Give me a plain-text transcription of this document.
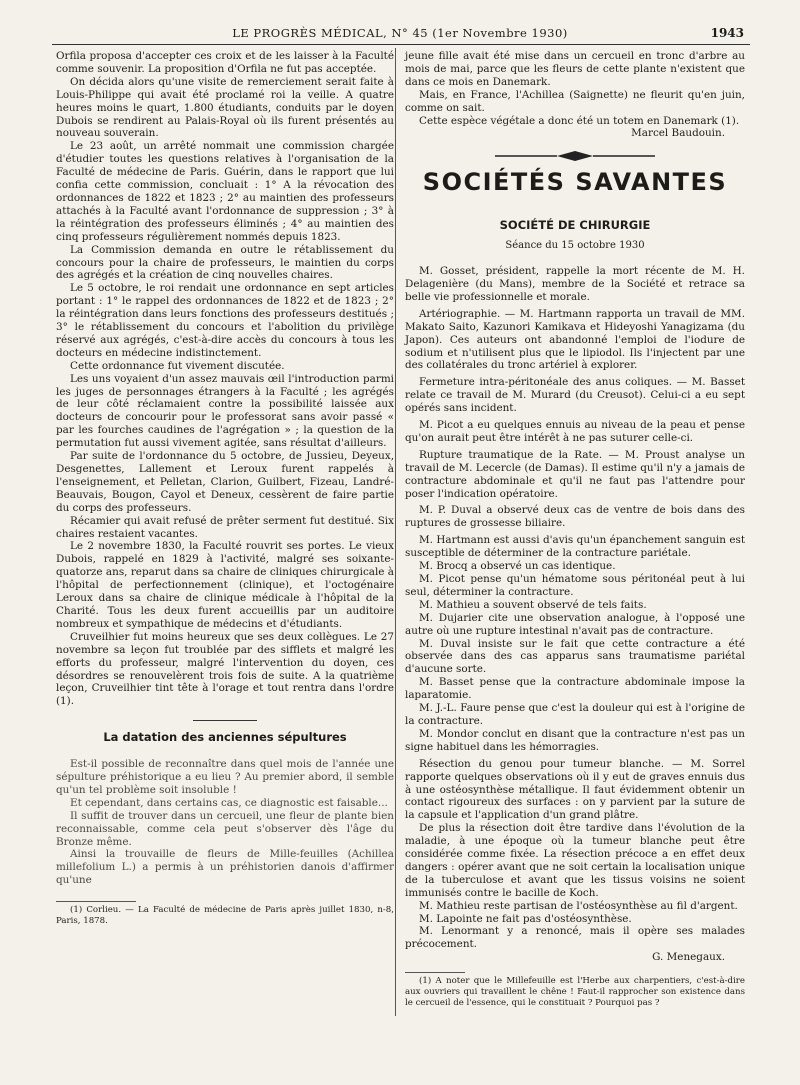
LE PROGRÈS MÉDICAL, N° 45 (1er Novembre 1930)	1943

Orfila proposa d'accepter ces croix et de les laisser à la Faculté comme souvenir. La proposition d'Orfila ne fut pas acceptée.

On décida alors qu'une visite de remerciement serait faite à Louis-Philippe qui avait été proclamé roi la veille. A quatre heures moins le quart, 1.800 étudiants, conduits par le doyen Dubois se rendirent au Palais-Royal où ils furent présentés au nouveau souverain.

Le 23 août, un arrêté nommait une commission chargée d'étudier toutes les questions relatives à l'organisation de la Faculté de médecine de Paris. Guérin, dans le rapport que lui confia cette commission, concluait : 1° A la révocation des ordonnances de 1822 et 1823 ; 2° au maintien des professeurs attachés à la Faculté avant l'ordonnance de suppression ; 3° à la réintégration des professeurs éliminés ; 4° au maintien des cinq professeurs régulièrement nommés depuis 1823.

La Commission demanda en outre le rétablissement du concours pour la chaire de professeurs, le maintien du corps des agrégés et la création de cinq nouvelles chaires.

Le 5 octobre, le roi rendait une ordonnance en sept articles portant : 1° le rappel des ordonnances de 1822 et de 1823 ; 2° la réintégration dans leurs fonctions des professeurs destitués ; 3° le rétablissement du concours et l'abolition du privilège réservé aux agrégés, c'est-à-dire accès du concours à tous les docteurs en médecine indistinctement.

Cette ordonnance fut vivement discutée.

Les uns voyaient d'un assez mauvais œil l'introduction parmi les juges de personnages étrangers à la Faculté ; les agrégés de leur côté réclamaient contre la possibilité laissée aux docteurs de concourir pour le professorat sans avoir passé « par les fourches caudines de l'agrégation » ; la question de la permutation fut aussi vivement agitée, sans résultat d'ailleurs.

Par suite de l'ordonnance du 5 octobre, de Jussieu, Deyeux, Desgenettes, Lallement et Leroux furent rappelés à l'enseignement, et Pelletan, Clarion, Guilbert, Fizeau, Landré-Beauvais, Bougon, Cayol et Deneux, cessèrent de faire partie du corps des professeurs.

Récamier qui avait refusé de prêter serment fut destitué. Six chaires restaient vacantes.

Le 2 novembre 1830, la Faculté rouvrit ses portes. Le vieux Dubois, rappelé en 1829 à l'activité, malgré ses soixante-quatorze ans, reparut dans sa chaire de cliniques chirurgicale à l'hôpital de perfectionnement (clinique), et l'octogénaire Leroux dans sa chaire de clinique médicale à l'hôpital de la Charité. Tous les deux furent accueillis par un auditoire nombreux et sympathique de médecins et d'étudiants.

Cruveilhier fut moins heureux que ses deux collègues. Le 27 novembre sa leçon fut troublée par des sifflets et malgré les efforts du professeur, malgré l'intervention du doyen, ces désordres se renouvelèrent trois fois de suite. A la quatrième leçon, Cruveilhier tint tête à l'orage et tout rentra dans l'ordre (1).

La datation des anciennes sépultures

Est-il possible de reconnaître dans quel mois de l'année une sépulture préhistorique a eu lieu ? Au premier abord, il semble qu'un tel problème soit insoluble !

Et cependant, dans certains cas, ce diagnostic est faisable...

Il suffit de trouver dans un cercueil, une fleur de plante bien reconnaissable, comme cela peut s'observer dès l'âge du Bronze même.

Ainsi la trouvaille de fleurs de Mille-feuilles (Achillea millefolium L.) a permis à un préhistorien danois d'affirmer qu'une

(1) Corlieu. — La Faculté de médecine de Paris après juillet 1830, n-8, Paris, 1878.

jeune fille avait été mise dans un cercueil en tronc d'arbre au mois de mai, parce que les fleurs de cette plante n'existent que dans ce mois en Danemark.

Mais, en France, l'Achillea (Saignette) ne fleurit qu'en juin, comme on sait.

Cette espèce végétale a donc été un totem en Danemark (1).

Marcel Baudouin.

SOCIÉTÉS SAVANTES
SOCIÉTÉ DE CHIRURGIE
Séance du 15 octobre 1930

M. Gosset, président, rappelle la mort récente de M. H. Delagenière (du Mans), membre de la Société et retrace sa belle vie professionnelle et morale.

Artériographie. — M. Hartmann rapporta un travail de MM. Makato Saito, Kazunori Kamikava et Hideyoshi Yanagizama (du Japon). Ces auteurs ont abandonné l'emploi de l'iodure de sodium et n'utilisent plus que le lipiodol. Ils l'injectent par une des collatérales du tronc artériel à explorer.

Fermeture intra-péritonéale des anus coliques. — M. Basset relate ce travail de M. Murard (du Creusot). Celui-ci a eu sept opérés sans incident.

M. Picot a eu quelques ennuis au niveau de la peau et pense qu'on aurait peut être intérêt à ne pas suturer celle-ci.

Rupture traumatique de la Rate. — M. Proust analyse un travail de M. Lecercle (de Damas). Il estime qu'il n'y a jamais de contracture abdominale et qu'il ne faut pas l'attendre pour poser l'indication opératoire.

M. P. Duval a observé deux cas de ventre de bois dans des ruptures de grossesse biliaire.

M. Hartmann est aussi d'avis qu'un épanchement sanguin est susceptible de déterminer de la contracture pariétale.

M. Brocq a observé un cas identique.

M. Picot pense qu'un hématome sous péritonéal peut à lui seul, déterminer la contracture.

M. Mathieu a souvent observé de tels faits.

M. Dujarier cite une observation analogue, à l'opposé une autre où une rupture intestinal n'avait pas de contracture.

M. Duval insiste sur le fait que cette contracture a été observée dans des cas apparus sans traumatisme pariétal d'aucune sorte.

M. Basset pense que la contracture abdominale impose la laparatomie.

M. J.-L. Faure pense que c'est la douleur qui est à l'origine de la contracture.

M. Mondor conclut en disant que la contracture n'est pas un signe habituel dans les hémorragies.

Résection du genou pour tumeur blanche. — M. Sorrel rapporte quelques observations où il y eut de graves ennuis dus à une ostéosynthèse métallique. Il faut évidemment obtenir un contact rigoureux des surfaces : on y parvient par la suture de la capsule et l'application d'un grand plâtre.

De plus la résection doit être tardive dans l'évolution de la maladie, à une époque où la tumeur blanche peut être considérée comme fixée. La résection précoce a en effet deux dangers : opérer avant que ne soit certain la localisation unique de la tuberculose et avant que les tissus voisins ne soient immunisés contre le bacille de Koch.

M. Mathieu reste partisan de l'ostéosynthèse au fil d'argent.

M. Lapointe ne fait pas d'ostéosynthèse.

M. Lenormant y a renoncé, mais il opère ses malades précocement.

G. Menegaux.

(1) A noter que le Millefeuille est l'Herbe aux charpentiers, c'est-à-dire aux ouvriers qui travaillent le chêne ! Faut-il rapprocher son existence dans le cercueil de l'essence, qui le constituait ? Pourquoi pas ?
